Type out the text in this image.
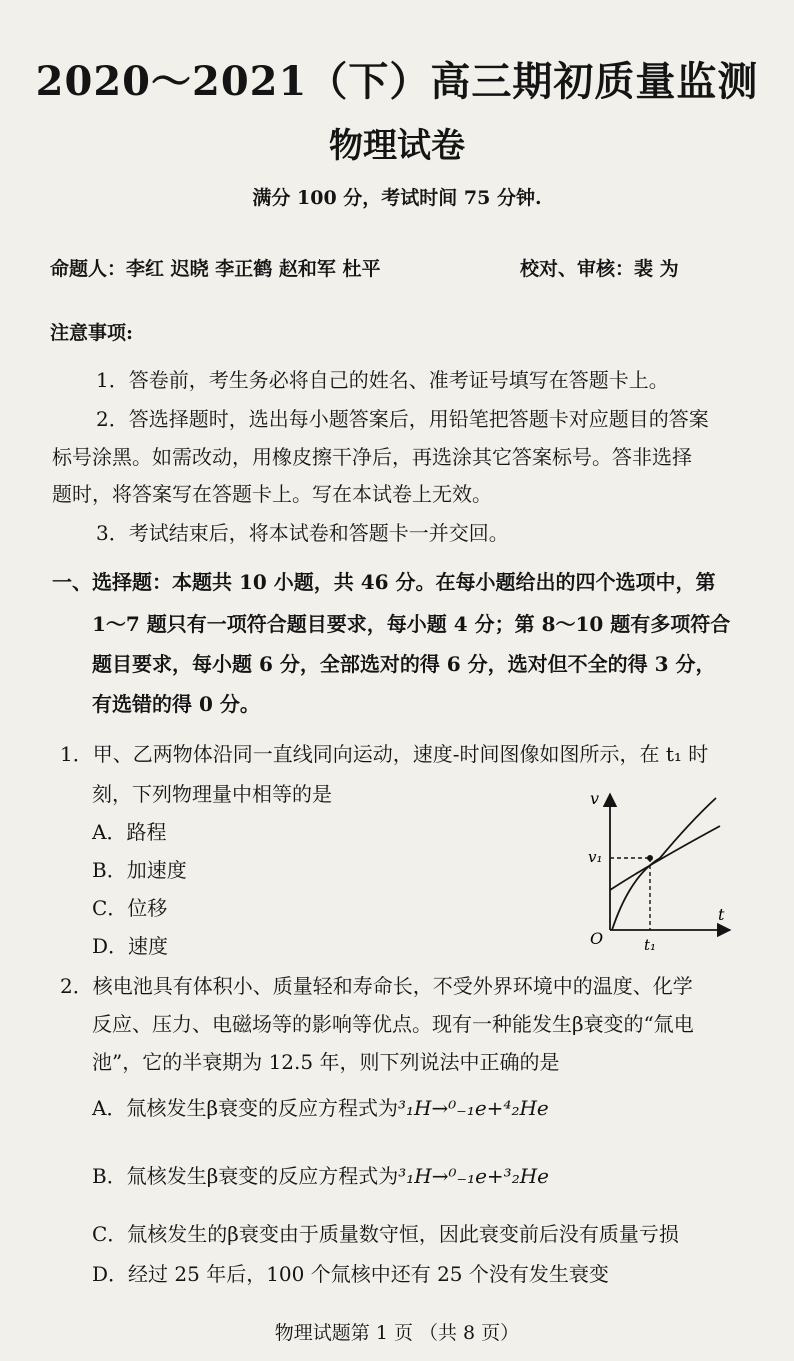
2020～2021（下）高三期初质量监测
物理试卷
满分 100 分，考试时间 75 分钟.
命题人：李红 迟晓 李正鹤 赵和军 杜平	校对、审核：裴 为
注意事项:
1．答卷前，考生务必将自己的姓名、准考证号填写在答题卡上。
2．答选择题时，选出每小题答案后，用铅笔把答题卡对应题目的答案
标号涂黑。如需改动，用橡皮擦干净后，再选涂其它答案标号。答非选择
题时，将答案写在答题卡上。写在本试卷上无效。
3．考试结束后，将本试卷和答题卡一并交回。
一、选择题：本题共 10 小题，共 46 分。在每小题给出的四个选项中，第
1～7 题只有一项符合题目要求，每小题 4 分；第 8～10 题有多项符合
题目要求，每小题 6 分，全部选对的得 6 分，选对但不全的得 3 分，
有选错的得 0 分。
1．甲、乙两物体沿同一直线同向运动，速度-时间图像如图所示，在 t₁ 时
刻，下列物理量中相等的是
A．路程
B．加速度
C．位移
D．速度
v
v₁
O	t₁
t
2．核电池具有体积小、质量轻和寿命长，不受外界环境中的温度、化学
反应、压力、电磁场等的影响等优点。现有一种能发生β衰变的“氚电
池”，它的半衰期为 12.5 年，则下列说法中正确的是
A．氚核发生β衰变的反应方程式为³₁H→⁰₋₁e+⁴₂He
B．氚核发生β衰变的反应方程式为³₁H→⁰₋₁e+³₂He
C．氚核发生的β衰变由于质量数守恒，因此衰变前后没有质量亏损
D．经过 25 年后，100 个氚核中还有 25 个没有发生衰变
物理试题第 1 页 （共 8 页）
